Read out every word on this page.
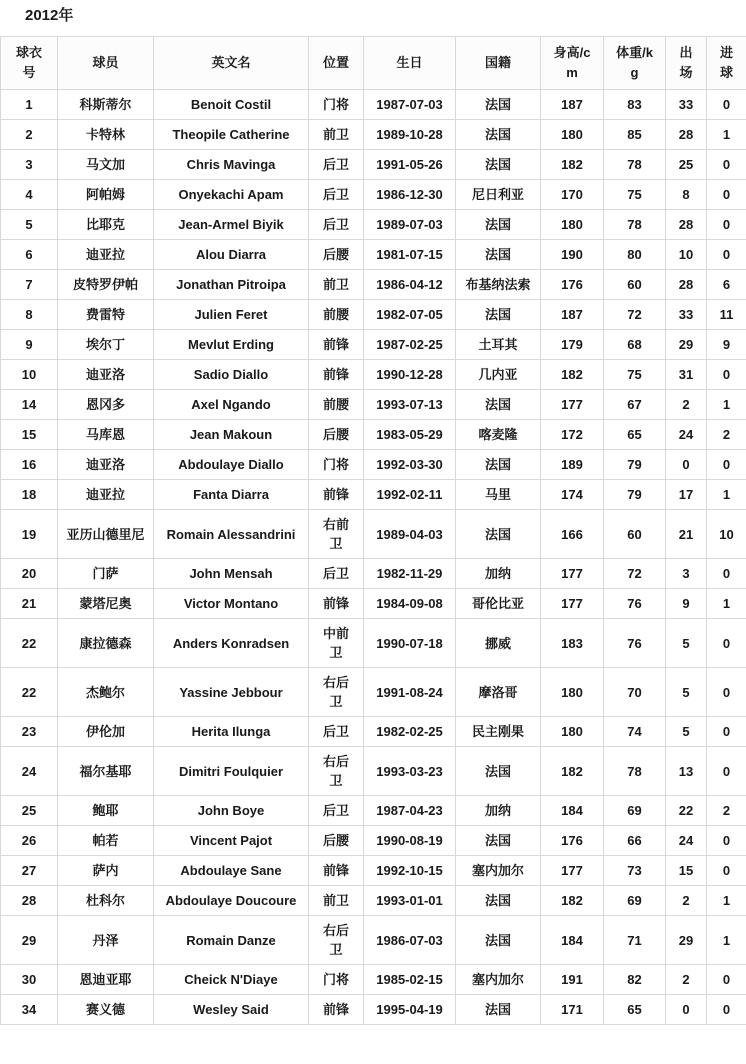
2012年
球衣号	球员	英文名	位置	生日	国籍	身高/cm	体重/kg	出场	进球
1	科斯蒂尔	Benoit Costil	门将	1987-07-03	法国	187	83	33	0
2	卡特林	Theopile Catherine	前卫	1989-10-28	法国	180	85	28	1
3	马文加	Chris Mavinga	后卫	1991-05-26	法国	182	78	25	0
4	阿帕姆	Onyekachi Apam	后卫	1986-12-30	尼日利亚	170	75	8	0
5	比耶克	Jean-Armel Biyik	后卫	1989-07-03	法国	180	78	28	0
6	迪亚拉	Alou Diarra	后腰	1981-07-15	法国	190	80	10	0
7	皮特罗伊帕	Jonathan Pitroipa	前卫	1986-04-12	布基纳法索	176	60	28	6
8	费雷特	Julien Feret	前腰	1982-07-05	法国	187	72	33	11
9	埃尔丁	Mevlut Erding	前锋	1987-02-25	土耳其	179	68	29	9
10	迪亚洛	Sadio Diallo	前锋	1990-12-28	几内亚	182	75	31	0
14	恩冈多	Axel Ngando	前腰	1993-07-13	法国	177	67	2	1
15	马库恩	Jean Makoun	后腰	1983-05-29	喀麦隆	172	65	24	2
16	迪亚洛	Abdoulaye Diallo	门将	1992-03-30	法国	189	79	0	0
18	迪亚拉	Fanta Diarra	前锋	1992-02-11	马里	174	79	17	1
19	亚历山德里尼	Romain Alessandrini	右前卫	1989-04-03	法国	166	60	21	10
20	门萨	John Mensah	后卫	1982-11-29	加纳	177	72	3	0
21	蒙塔尼奥	Victor Montano	前锋	1984-09-08	哥伦比亚	177	76	9	1
22	康拉德森	Anders Konradsen	中前卫	1990-07-18	挪威	183	76	5	0
22	杰鲍尔	Yassine Jebbour	右后卫	1991-08-24	摩洛哥	180	70	5	0
23	伊伦加	Herita Ilunga	后卫	1982-02-25	民主刚果	180	74	5	0
24	福尔基耶	Dimitri Foulquier	右后卫	1993-03-23	法国	182	78	13	0
25	鲍耶	John Boye	后卫	1987-04-23	加纳	184	69	22	2
26	帕若	Vincent Pajot	后腰	1990-08-19	法国	176	66	24	0
27	萨内	Abdoulaye Sane	前锋	1992-10-15	塞内加尔	177	73	15	0
28	杜科尔	Abdoulaye Doucoure	前卫	1993-01-01	法国	182	69	2	1
29	丹泽	Romain Danze	右后卫	1986-07-03	法国	184	71	29	1
30	恩迪亚耶	Cheick N'Diaye	门将	1985-02-15	塞内加尔	191	82	2	0
34	赛义德	Wesley Said	前锋	1995-04-19	法国	171	65	0	0
